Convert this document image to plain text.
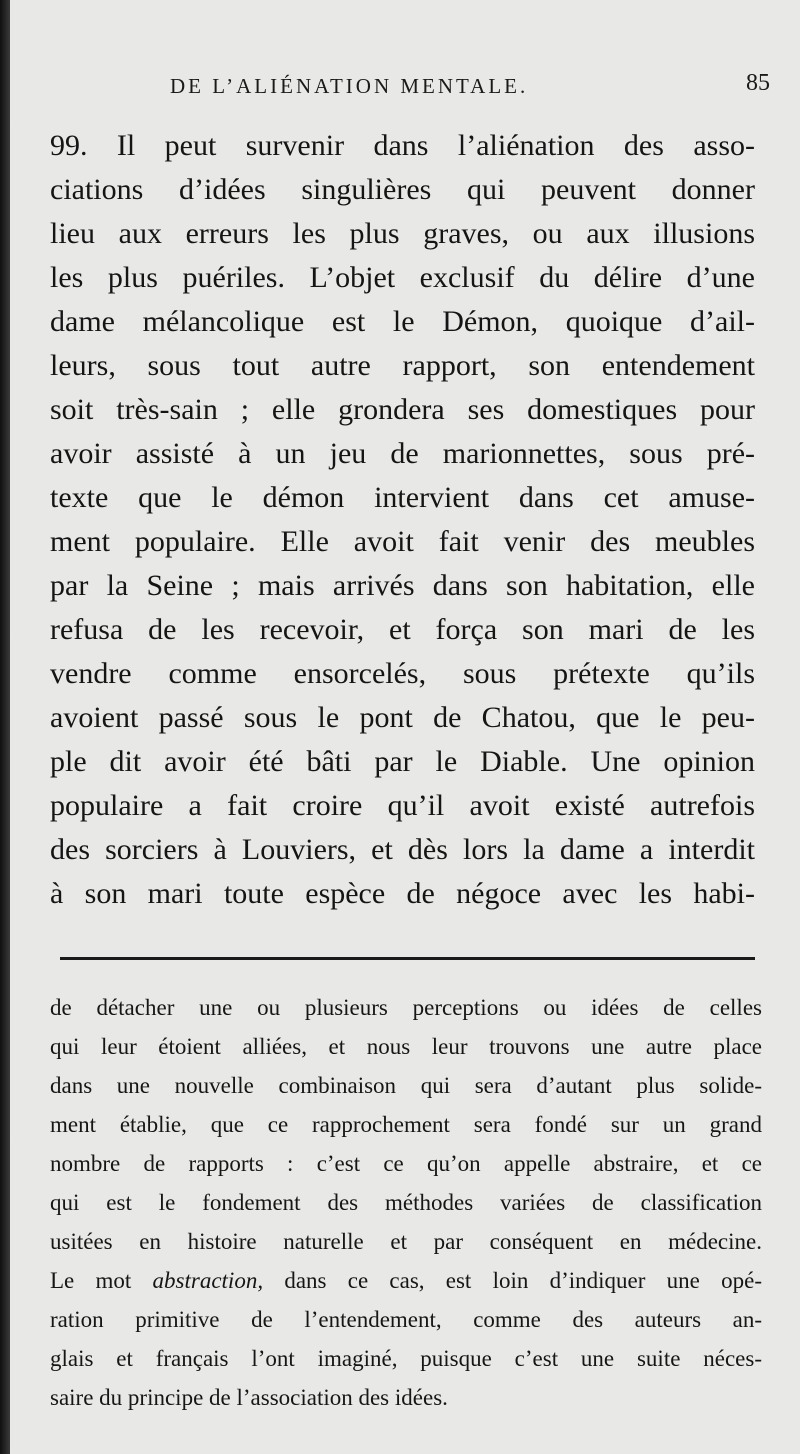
DE L’ALIÉNATION MENTALE.	85
99. Il peut survenir dans l’aliénation des asso-
ciations d’idées singulières qui peuvent donner
lieu aux erreurs les plus graves, ou aux illusions
les plus puériles. L’objet exclusif du délire d’une
dame mélancolique est le Démon, quoique d’ail-
leurs, sous tout autre rapport, son entendement
soit très-sain ; elle grondera ses domestiques pour
avoir assisté à un jeu de marionnettes, sous pré-
texte que le démon intervient dans cet amuse-
ment populaire. Elle avoit fait venir des meubles
par la Seine ; mais arrivés dans son habitation, elle
refusa de les recevoir, et força son mari de les
vendre comme ensorcelés, sous prétexte qu’ils
avoient passé sous le pont de Chatou, que le peu-
ple dit avoir été bâti par le Diable. Une opinion
populaire a fait croire qu’il avoit existé autrefois
des sorciers à Louviers, et dès lors la dame a interdit
à son mari toute espèce de négoce avec les habi-
de détacher une ou plusieurs perceptions ou idées de celles
qui leur étoient alliées, et nous leur trouvons une autre place
dans une nouvelle combinaison qui sera d’autant plus solide-
ment établie, que ce rapprochement sera fondé sur un grand
nombre de rapports : c’est ce qu’on appelle abstraire, et ce
qui est le fondement des méthodes variées de classification
usitées en histoire naturelle et par conséquent en médecine.
Le mot abstraction, dans ce cas, est loin d’indiquer une opé-
ration primitive de l’entendement, comme des auteurs an-
glais et français l’ont imaginé, puisque c’est une suite néces-
saire du principe de l’association des idées.
